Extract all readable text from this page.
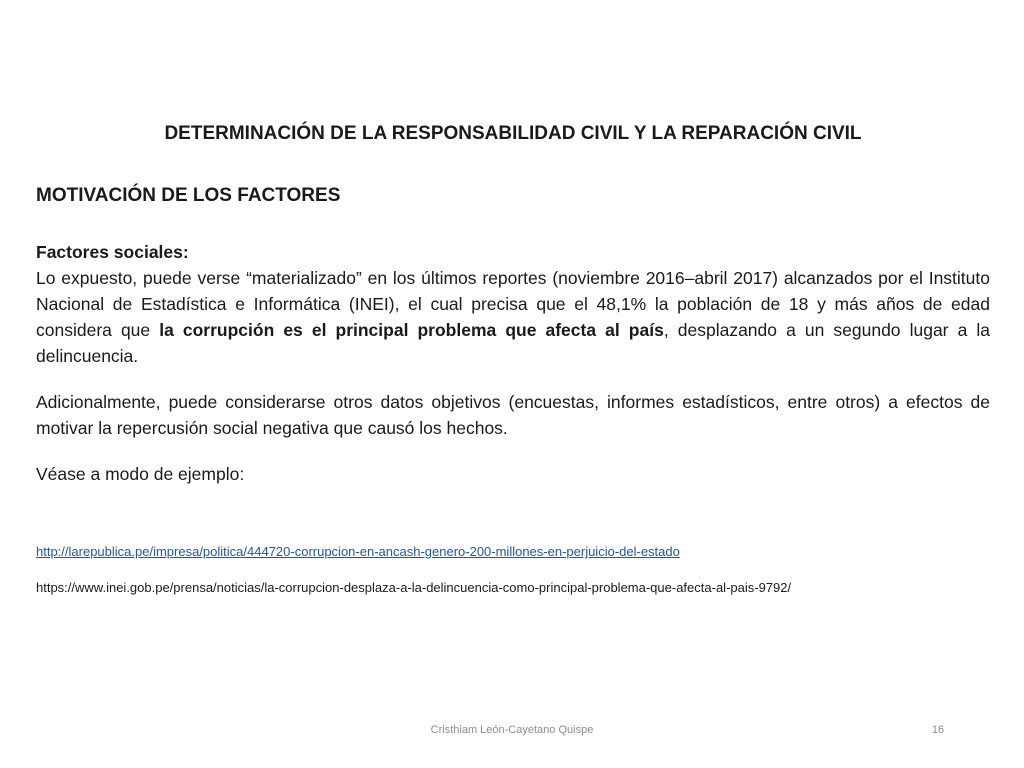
DETERMINACIÓN DE LA RESPONSABILIDAD CIVIL Y LA REPARACIÓN CIVIL
MOTIVACIÓN DE LOS FACTORES

Factores sociales:

Lo expuesto, puede verse “materializado” en los últimos reportes (noviembre 2016–abril 2017) alcanzados por el Instituto Nacional de Estadística e Informática (INEI), el cual precisa que el 48,1% la población de 18 y más años de edad considera que la corrupción es el principal problema que afecta al país, desplazando a un segundo lugar a la delincuencia.

Adicionalmente, puede considerarse otros datos objetivos (encuestas, informes estadísticos, entre otros) a efectos de motivar la repercusión social negativa que causó los hechos.

Véase a modo de ejemplo:

http://larepublica.pe/impresa/politica/444720-corrupcion-en-ancash-genero-200-millones-en-perjuicio-del-estado

https://www.inei.gob.pe/prensa/noticias/la-corrupcion-desplaza-a-la-delincuencia-como-principal-problema-que-afecta-al-pais-9792/

Cristhiam León-Cayetano Quispe	16
